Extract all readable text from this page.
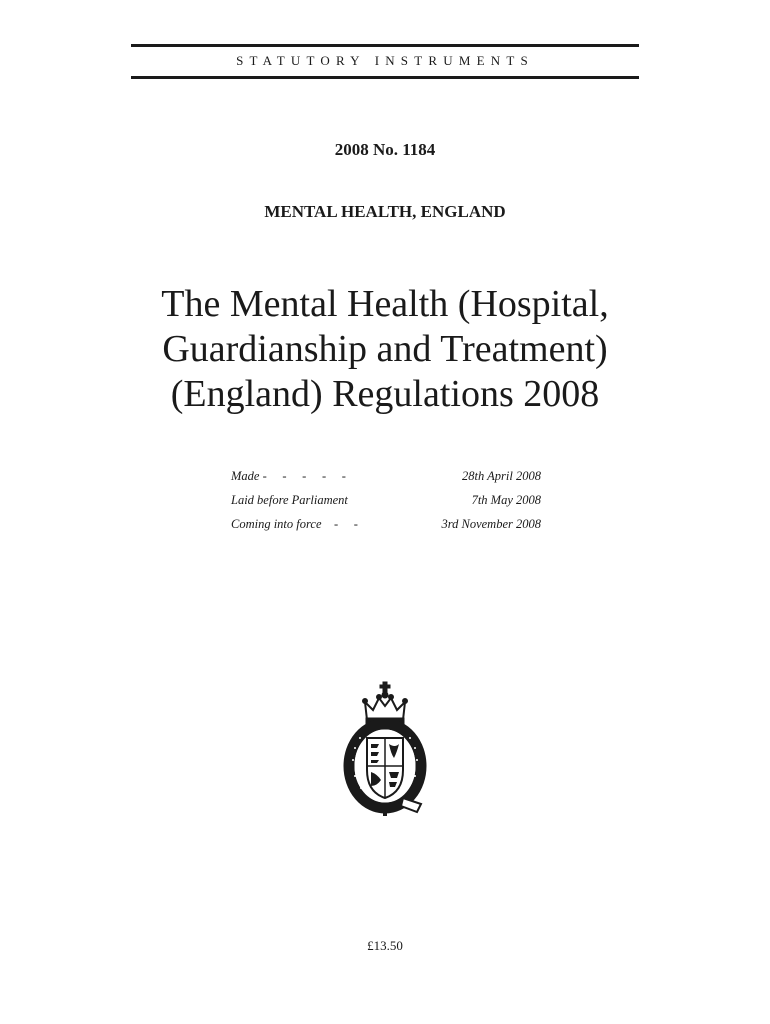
STATUTORY INSTRUMENTS
2008 No. 1184
MENTAL HEALTH, ENGLAND
The Mental Health (Hospital,
Guardianship and Treatment)
(England) Regulations 2008
Made -     -     -     -     -	28th April 2008
Laid before Parliament	7th May 2008
Coming into force    -     -	3rd November 2008
£13.50
